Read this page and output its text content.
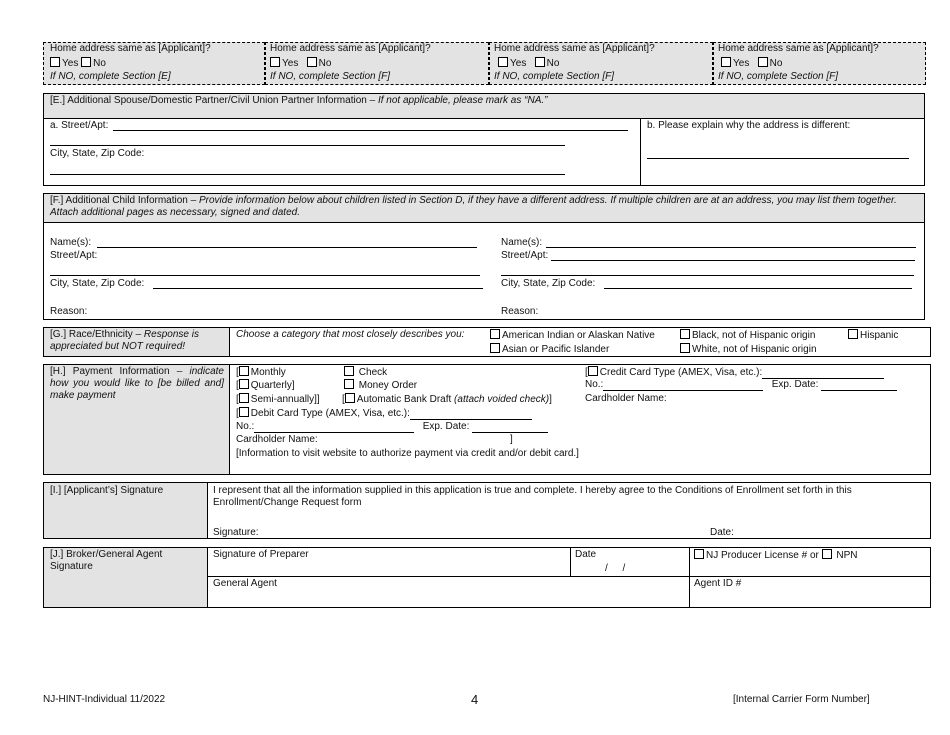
Home address same as [Applicant]?
Yes No
If NO, complete Section [E]
Home address same as [Applicant]?
Yes No
If NO, complete Section [F]
Home address same as [Applicant]?
Yes No
If NO, complete Section [F]
Home address same as [Applicant]?
Yes No
If NO, complete Section [F]
[E.] Additional Spouse/Domestic Partner/Civil Union Partner Information – If not applicable, please mark as “NA.”
a. Street/Apt:
City, State, Zip Code:
b. Please explain why the address is different:
[F.] Additional Child Information – Provide information below about children listed in Section D, if they have a different address. If multiple children are at an address, you may list them together. Attach additional pages as necessary, signed and dated.
Name(s):
Street/Apt:
City, State, Zip Code:
Reason:
Name(s):
Street/Apt:
City, State, Zip Code:
Reason:
[G.] Race/Ethnicity – Response is appreciated but NOT required!
Choose a category that most closely describes you:	American Indian or Alaskan Native	Black, not of Hispanic origin	Hispanic
Asian or Pacific Islander	White, not of Hispanic origin
[H.] Payment Information – indicate how you would like to [be billed and] make payment
[ Monthly
[ Quarterly]
[ Semi-annually]]
[ Debit Card Type (AMEX, Visa, etc.):
No.:	Exp. Date:
Cardholder Name:	]
[Information to visit website to authorize payment via credit and/or debit card.]
Check
Money Order
[ Automatic Bank Draft (attach voided check)]
[ Credit Card Type (AMEX, Visa, etc.):
No.:	Exp. Date:
Cardholder Name:
[I.] [Applicant’s] Signature	I represent that all the information supplied in this application is true and complete. I hereby agree to the Conditions of Enrollment set forth in this Enrollment/Change Request form
Signature:	Date:
[J.] Broker/General Agent Signature
Signature of Preparer	Date
/ /
NJ Producer License # or NPN
General Agent	Agent ID #
NJ-HINT-Individual 11/2022	4	[Internal Carrier Form Number]
